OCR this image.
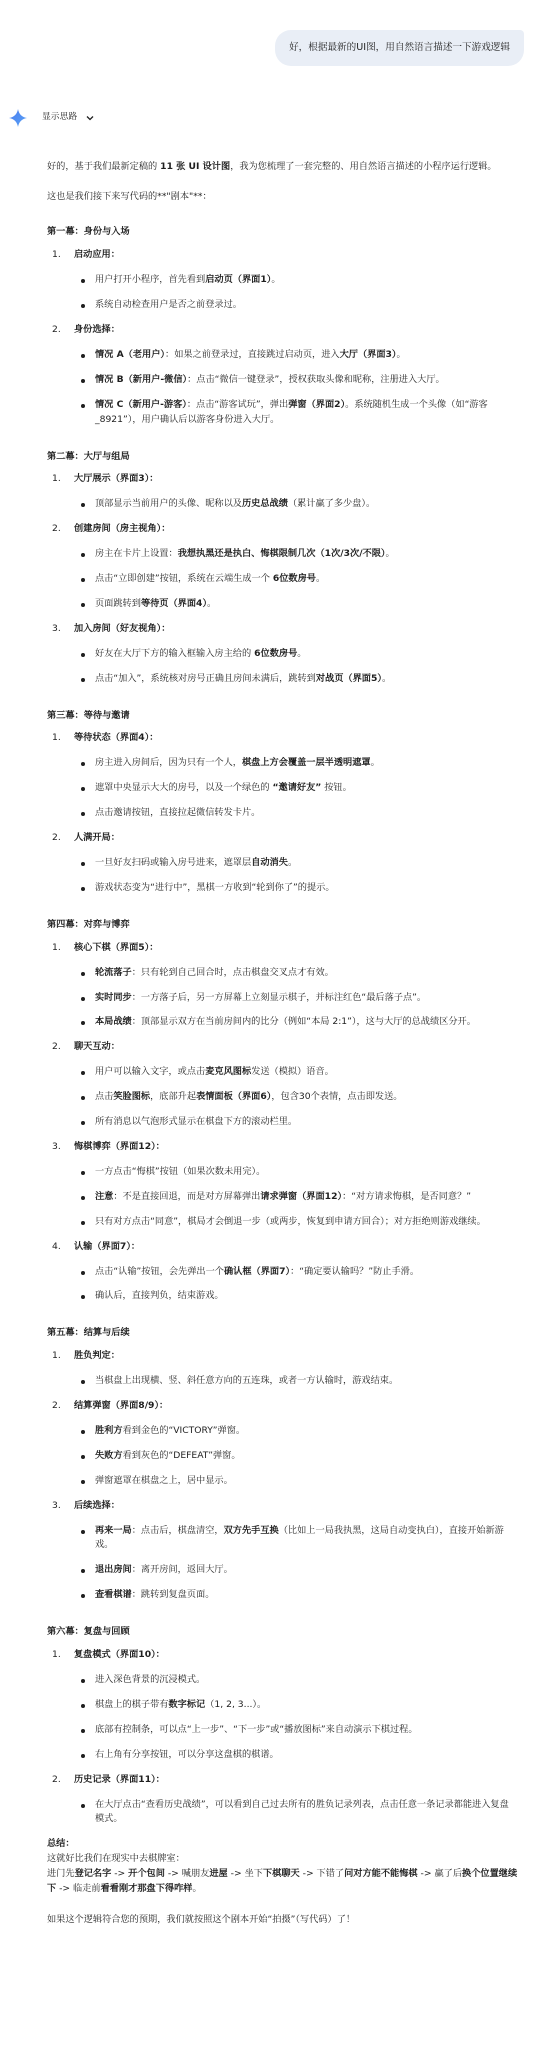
好，根据最新的UI图，用自然语言描述一下游戏逻辑
显示思路

好的，基于我们最新定稿的 11 张 UI 设计图，我为您梳理了一套完整的、用自然语言描述的小程序运行逻辑。

这也是我们接下来写代码的**"剧本"**：

第一幕：身份与入场
1. 启动应用：
用户打开小程序，首先看到启动页（界面1）。
系统自动检查用户是否之前登录过。
2. 身份选择：
情况 A（老用户）：如果之前登录过，直接跳过启动页，进入大厅（界面3）。
情况 B（新用户-微信）：点击“微信一键登录”，授权获取头像和昵称，注册进入大厅。
情况 C（新用户-游客）：点击“游客试玩”，弹出弹窗（界面2）。系统随机生成一个头像（如“游客_8921”），用户确认后以游客身份进入大厅。
第二幕：大厅与组局
1. 大厅展示（界面3）：
顶部显示当前用户的头像、昵称以及历史总战绩（累计赢了多少盘）。
2. 创建房间（房主视角）：
房主在卡片上设置：我想执黑还是执白、悔棋限制几次（1次/3次/不限）。
点击“立即创建”按钮，系统在云端生成一个 6位数房号。
页面跳转到等待页（界面4）。
3. 加入房间（好友视角）：
好友在大厅下方的输入框输入房主给的 6位数房号。
点击“加入”，系统核对房号正确且房间未满后，跳转到对战页（界面5）。
第三幕：等待与邀请
1. 等待状态（界面4）：
房主进入房间后，因为只有一个人，棋盘上方会覆盖一层半透明遮罩。
遮罩中央显示大大的房号，以及一个绿色的 “邀请好友” 按钮。
点击邀请按钮，直接拉起微信转发卡片。
2. 人满开局：
一旦好友扫码或输入房号进来，遮罩层自动消失。
游戏状态变为“进行中”，黑棋一方收到“轮到你了”的提示。
第四幕：对弈与博弈
1. 核心下棋（界面5）：
轮流落子：只有轮到自己回合时，点击棋盘交叉点才有效。
实时同步：一方落子后，另一方屏幕上立刻显示棋子，并标注红色“最后落子点”。
本局战绩：顶部显示双方在当前房间内的比分（例如“本局 2:1”），这与大厅的总战绩区分开。
2. 聊天互动：
用户可以输入文字，或点击麦克风图标发送（模拟）语音。
点击笑脸图标，底部升起表情面板（界面6），包含30个表情，点击即发送。
所有消息以气泡形式显示在棋盘下方的滚动栏里。
3. 悔棋博弈（界面12）：
一方点击“悔棋”按钮（如果次数未用完）。
注意：不是直接回退，而是对方屏幕弹出请求弹窗（界面12）：“对方请求悔棋，是否同意？”
只有对方点击“同意”，棋局才会倒退一步（或两步，恢复到申请方回合）；对方拒绝则游戏继续。
4. 认输（界面7）：
点击“认输”按钮，会先弹出一个确认框（界面7）：“确定要认输吗？”防止手滑。
确认后，直接判负，结束游戏。
第五幕：结算与后续
1. 胜负判定：
当棋盘上出现横、竖、斜任意方向的五连珠，或者一方认输时，游戏结束。
2. 结算弹窗（界面8/9）：
胜利方看到金色的“VICTORY”弹窗。
失败方看到灰色的“DEFEAT”弹窗。
弹窗遮罩在棋盘之上，居中显示。
3. 后续选择：
再来一局：点击后，棋盘清空，双方先手互换（比如上一局我执黑，这局自动变执白），直接开始新游戏。
退出房间：离开房间，返回大厅。
查看棋谱：跳转到复盘页面。
第六幕：复盘与回顾
1. 复盘模式（界面10）：
进入深色背景的沉浸模式。
棋盘上的棋子带有数字标记（1, 2, 3...）。
底部有控制条，可以点“上一步”、“下一步”或“播放图标”来自动演示下棋过程。
右上角有分享按钮，可以分享这盘棋的棋谱。
2. 历史记录（界面11）：
在大厅点击“查看历史战绩”，可以看到自己过去所有的胜负记录列表，点击任意一条记录都能进入复盘模式。
总结：
这就好比我们在现实中去棋牌室：
进门先登记名字 -> 开个包间 -> 喊朋友进屋 -> 坐下下棋聊天 -> 下错了问对方能不能悔棋 -> 赢了后换个位置继续下 -> 临走前看看刚才那盘下得咋样。

如果这个逻辑符合您的预期，我们就按照这个剧本开始“拍摄”（写代码）了！
